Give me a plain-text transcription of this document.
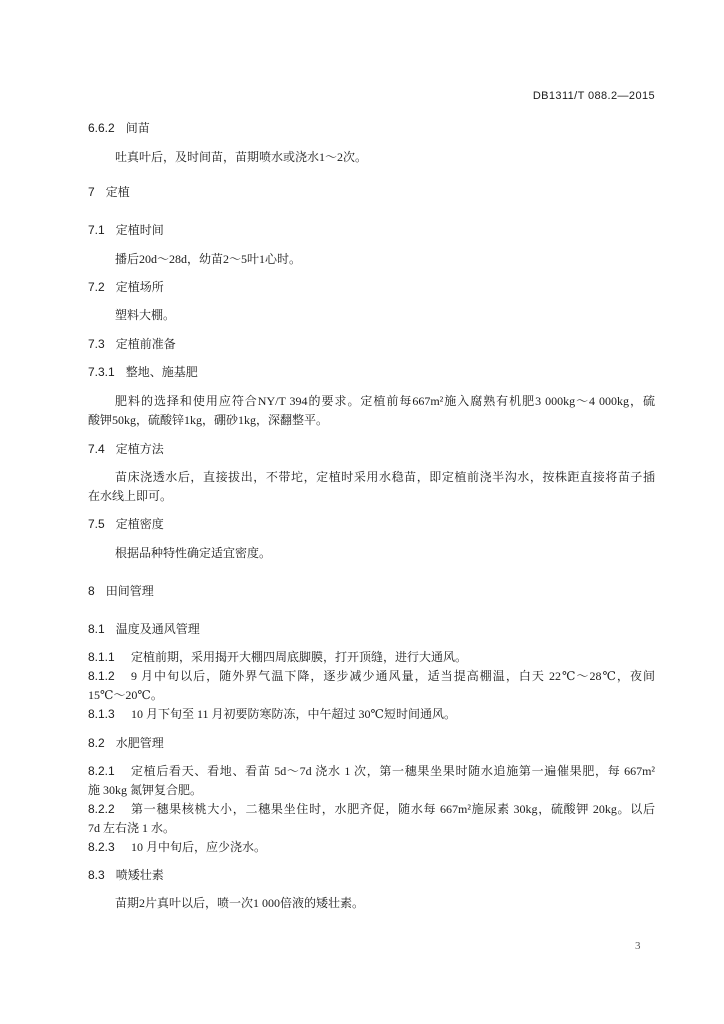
DB1311/T 088.2—2015
6.6.2 间苗
吐真叶后，及时间苗，苗期喷水或浇水1～2次。
7 定植
7.1 定植时间
播后20d～28d，幼苗2～5叶1心时。
7.2 定植场所
塑料大棚。
7.3 定植前准备
7.3.1 整地、施基肥
肥料的选择和使用应符合NY/T 394的要求。定植前每667m²施入腐熟有机肥3 000kg～4 000kg，硫
酸钾50kg，硫酸锌1kg，硼砂1kg，深翻整平。
7.4 定植方法
苗床浇透水后，直接拔出，不带坨，定植时采用水稳苗，即定植前浇半沟水，按株距直接将苗子插
在水线上即可。
7.5 定植密度
根据品种特性确定适宜密度。
8 田间管理
8.1 温度及通风管理
8.1.1 定植前期，采用揭开大棚四周底脚膜，打开顶缝，进行大通风。
8.1.2 9 月中旬以后，随外界气温下降，逐步减少通风量，适当提高棚温，白天 22℃～28℃，夜间
15℃～20℃。
8.1.3 10 月下旬至 11 月初要防寒防冻，中午超过 30℃短时间通风。
8.2 水肥管理
8.2.1 定植后看天、看地、看苗 5d～7d 浇水 1 次，第一穗果坐果时随水追施第一遍催果肥，每 667m²
施 30kg 氮钾复合肥。
8.2.2 第一穗果核桃大小，二穗果坐住时，水肥齐促，随水每 667m²施尿素 30kg，硫酸钾 20kg。以后
7d 左右浇 1 水。
8.2.3 10 月中旬后，应少浇水。
8.3 喷矮壮素
苗期2片真叶以后，喷一次1 000倍液的矮壮素。
3
